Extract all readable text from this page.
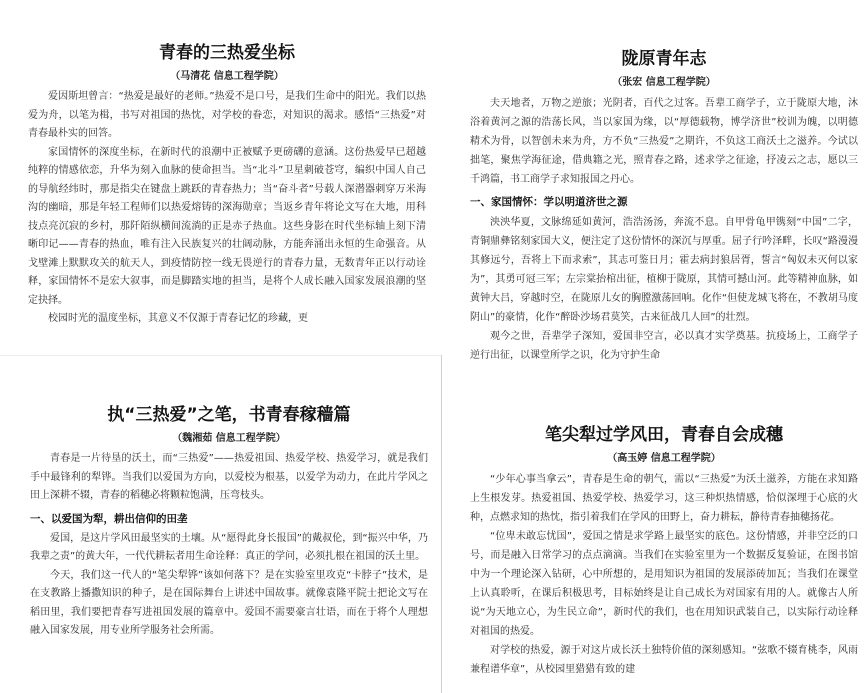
青春的三热爱坐标
（马清花 信息工程学院）

爱因斯坦曾言：“热爱是最好的老师。”热爱不是口号，是我们生命中的阳光。我们以热爱为舟，以笔为楫，书写对祖国的热忱，对学校的眷恋，对知识的渴求。感悟“三热爱”对青春最朴实的回答。

家国情怀的深度坐标，在新时代的浪潮中正被赋予更磅礴的意涵。这份热爱早已超越纯粹的情感依恋，升华为刻入血脉的使命担当。当“北斗”卫星刺破苍穹，编织中国人自己的导航经纬时，那是指尖在键盘上跳跃的青春热力；当“奋斗者”号载人深潜器刺穿万米海沟的幽暗，那是年轻工程师们以热爱熔铸的深海勋章；当返乡青年将论文写在大地，用科技点亮沉寂的乡村，那阡陌纵横间流淌的正是赤子热血。这些身影在时代坐标轴上刻下清晰印记——青春的热血，唯有注入民族复兴的壮阔动脉，方能奔涌出永恒的生命强音。从戈壁滩上默默攻关的航天人，到疫情防控一线无畏逆行的青春力量，无数青年正以行动诠释，家国情怀不是宏大叙事，而是脚踏实地的担当，是将个人成长融入国家发展浪潮的坚定抉择。

校园时光的温度坐标，其意义不仅源于青春记忆的珍藏，更

陇原青年志
（张宏 信息工程学院）

夫天地者，万物之逆旅；光阴者，百代之过客。吾辈工商学子，立于陇原大地，沐浴着黄河之源的浩荡长风，当以家国为缘，以“厚德载物，博学济世”校训为魄，以明德精术为骨，以智创未来为舟，方不负“三热爱”之期许，不负这工商沃土之滋养。今试以拙笔，聚焦学海征途，借典籍之光，照青春之路，述求学之征途，抒凌云之志，愿以三千鸿篇，书工商学子求知报国之丹心。

一、家国情怀：学以明道济世之源

泱泱华夏，文脉绵延如黄河，浩浩汤汤，奔流不息。自甲骨龟甲镌刻“中国”二字，青铜鼎彝铭刻家国大义，便注定了这份情怀的深沉与厚重。屈子行吟泽畔，长叹“路漫漫其修远兮，吾将上下而求索”，其志可鉴日月；霍去病封狼居胥，誓言“匈奴未灭何以家为”，其勇可冠三军；左宗棠抬棺出征，植柳于陇原，其情可撼山河。此等精神血脉，如黄钟大吕，穿越时空，在陇原儿女的胸膛激荡回响。化作“但使龙城飞将在，不教胡马度阴山”的豪情，化作“醉卧沙场君莫笑，古来征战几人回”的壮烈。

观今之世，吾辈学子深知，爱国非空言，必以真才实学奠基。抗疫场上，工商学子逆行出征，以课堂所学之识，化为守护生命

执“三热爱”之笔，书青春稼穑篇
（魏湘茹 信息工程学院）

青春是一片待垦的沃土，而“三热爱”——热爱祖国、热爱学校、热爱学习，就是我们手中最锋利的犁铧。当我们以爱国为方向，以爱校为根基，以爱学为动力，在此片学风之田上深耕不辍，青春的稻穗必将颗粒饱满，压弯枝头。

一、以爱国为犁，耕出信仰的田垄

爱国，是这片学风田最坚实的土壤。从“愿得此身长报国”的戴叔伦，到“振兴中华，乃我辈之责”的黄大年，一代代耕耘者用生命诠释：真正的学问，必须扎根在祖国的沃土里。

今天，我们这一代人的“笔尖犁铧”该如何落下？是在实验室里攻克“卡脖子”技术，是在支教路上播撒知识的种子，是在国际舞台上讲述中国故事。就像袁隆平院士把论文写在稻田里，我们要把青春写进祖国发展的篇章中。爱国不需要豪言壮语，而在于将个人理想融入国家发展，用专业所学服务社会所需。

笔尖犁过学风田，青春自会成穗
（高玉婷 信息工程学院）

“少年心事当拿云”，青春是生命的朝气，需以“三热爱”为沃土滋养，方能在求知路上生根发芽。热爱祖国、热爱学校、热爱学习，这三种炽热情感，恰似深埋于心底的火种，点燃求知的热忱，指引着我们在学风的田野上，奋力耕耘，静待青春抽穗扬花。

“位卑未敢忘忧国”，爱国之情是求学路上最坚实的底色。这份情感，并非空泛的口号，而是融入日常学习的点点滴滴。当我们在实验室里为一个数据反复验证，在图书馆中为一个理论深入钻研，心中所想的，是用知识为祖国的发展添砖加瓦；当我们在课堂上认真聆听，在课后积极思考，目标始终是让自己成长为对国家有用的人。就像古人所说“为天地立心，为生民立命”，新时代的我们，也在用知识武装自己，以实际行动诠释对祖国的热爱。

对学校的热爱，源于对这片成长沃土独特价值的深刻感知。“弦歌不辍育桃李，风雨兼程谱华章”，从校园里猎猎有致的建
